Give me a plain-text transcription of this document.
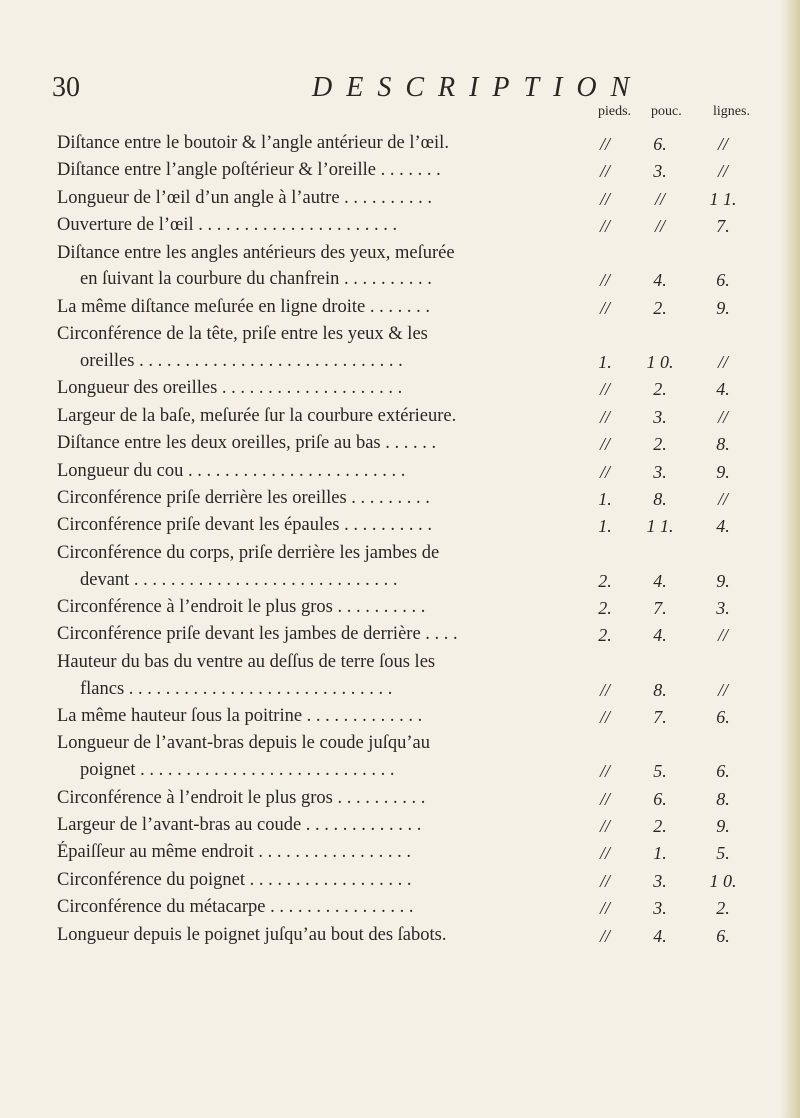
30	DESCRIPTION
pieds. pouc. lignes.
Diſtance entre le boutoir & l’angle antérieur de l’œil.	//	6.	//
Diſtance entre l’angle poſtérieur & l’oreille . . . . . . .	//	3.	//
Longueur de l’œil d’un angle à l’autre . . . . . . . . . .	//	//	1 1.
Ouverture de l’œil . . . . . . . . . . . . . . . . . . . . . .	//	//	7.
Diſtance entre les angles antérieurs des yeux, meſurée
en ſuivant la courbure du chanfrein . . . . . . . . . .	//	4.	6.
La même diſtance meſurée en ligne droite . . . . . . .	//	2.	9.
Circonférence de la tête, priſe entre les yeux & les
oreilles . . . . . . . . . . . . . . . . . . . . . . . . . . . . .	1.	1 0.	//
Longueur des oreilles . . . . . . . . . . . . . . . . . . . .	//	2.	4.
Largeur de la baſe, meſurée ſur la courbure extérieure.	//	3.	//
Diſtance entre les deux oreilles, priſe au bas . . . . . .	//	2.	8.
Longueur du cou . . . . . . . . . . . . . . . . . . . . . . . .	//	3.	9.
Circonférence priſe derrière les oreilles . . . . . . . . .	1.	8.	//
Circonférence priſe devant les épaules . . . . . . . . . .	1.	1 1.	4.
Circonférence du corps, priſe derrière les jambes de
devant . . . . . . . . . . . . . . . . . . . . . . . . . . . . .	2.	4.	9.
Circonférence à l’endroit le plus gros . . . . . . . . . .	2.	7.	3.
Circonférence priſe devant les jambes de derrière . . . .	2.	4.	//
Hauteur du bas du ventre au deſſus de terre ſous les
flancs . . . . . . . . . . . . . . . . . . . . . . . . . . . . .	//	8.	//
La même hauteur ſous la poitrine . . . . . . . . . . . . .	//	7.	6.
Longueur de l’avant-bras depuis le coude juſqu’au
poignet . . . . . . . . . . . . . . . . . . . . . . . . . . . .	//	5.	6.
Circonférence à l’endroit le plus gros . . . . . . . . . .	//	6.	8.
Largeur de l’avant-bras au coude . . . . . . . . . . . . .	//	2.	9.
Épaiſſeur au même endroit . . . . . . . . . . . . . . . . .	//	1.	5.
Circonférence du poignet . . . . . . . . . . . . . . . . . .	//	3.	1 0.
Circonférence du métacarpe . . . . . . . . . . . . . . . .	//	3.	2.
Longueur depuis le poignet juſqu’au bout des ſabots.	//	4.	6.
